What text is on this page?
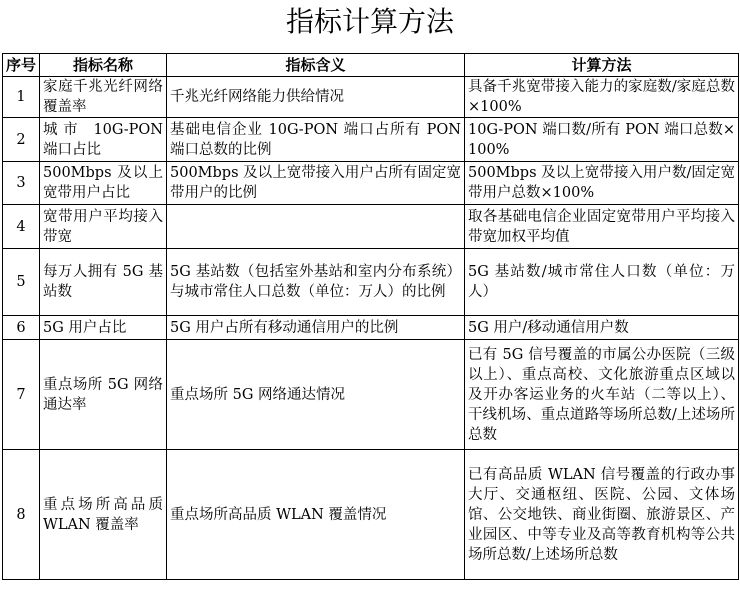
指标计算方法
序号	指标名称	指标含义	计算方法
1	家庭千兆光纤网络覆盖率	千兆光纤网络能力供给情况	具备千兆宽带接入能力的家庭数/家庭总数×100%
2	城市 10G-PON 端口占比	基础电信企业 10G-PON 端口占所有 PON 端口总数的比例	10G-PON 端口数/所有 PON 端口总数×100%
3	500Mbps 及以上宽带用户占比	500Mbps 及以上宽带接入用户占所有固定宽带用户的比例	500Mbps 及以上宽带接入用户数/固定宽带用户总数×100%
4	宽带用户平均接入带宽		取各基础电信企业固定宽带用户平均接入带宽加权平均值
5	每万人拥有 5G 基站数	5G 基站数（包括室外基站和室内分布系统）与城市常住人口总数（单位：万人）的比例	5G 基站数/城市常住人口数（单位：万人）
6	5G 用户占比	5G 用户占所有移动通信用户的比例	5G 用户/移动通信用户数
7	重点场所 5G 网络通达率	重点场所 5G 网络通达情况	已有 5G 信号覆盖的市属公办医院（三级以上）、重点高校、文化旅游重点区域以及开办客运业务的火车站（二等以上）、干线机场、重点道路等场所总数/上述场所总数
8	重点场所高品质 WLAN 覆盖率	重点场所高品质 WLAN 覆盖情况	已有高品质 WLAN 信号覆盖的行政办事大厅、交通枢纽、医院、公园、文体场馆、公交地铁、商业街圈、旅游景区、产业园区、中等专业及高等教育机构等公共场所总数/上述场所总数
